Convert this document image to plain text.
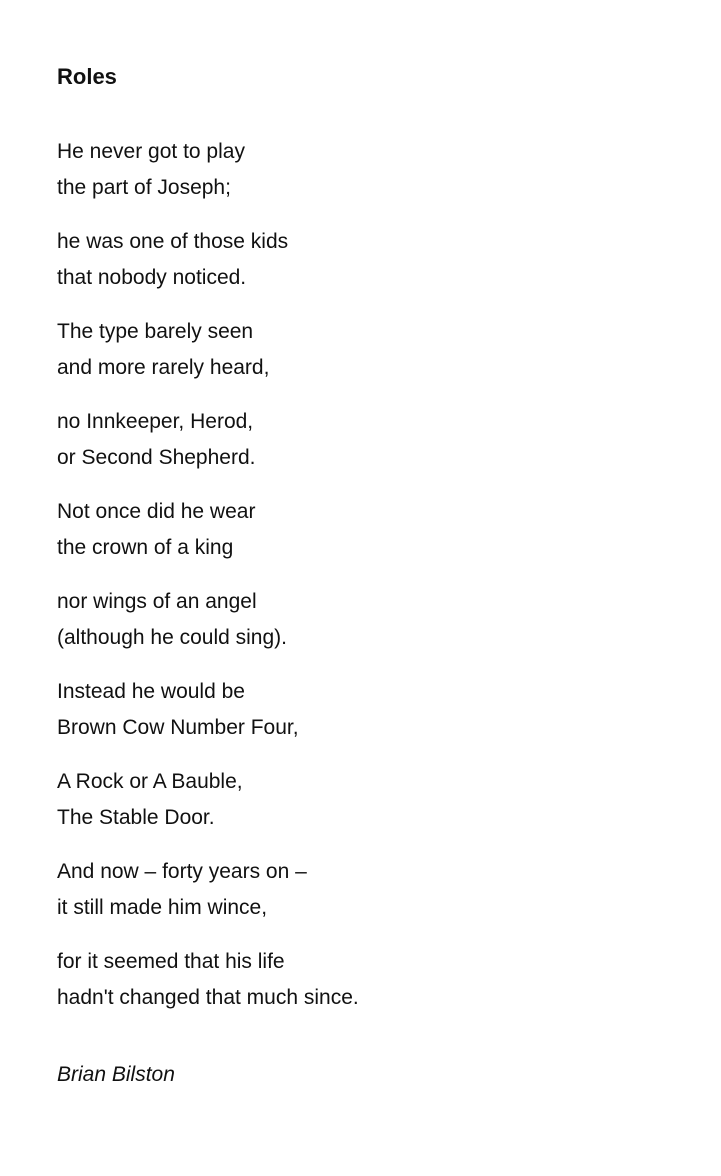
Roles
He never got to play
the part of Joseph;
he was one of those kids
that nobody noticed.
The type barely seen
and more rarely heard,
no Innkeeper, Herod,
or Second Shepherd.
Not once did he wear
the crown of a king
nor wings of an angel
(although he could sing).
Instead he would be
Brown Cow Number Four,
A Rock or A Bauble,
The Stable Door.
And now – forty years on –
it still made him wince,
for it seemed that his life
hadn't changed that much since.

Brian Bilston
